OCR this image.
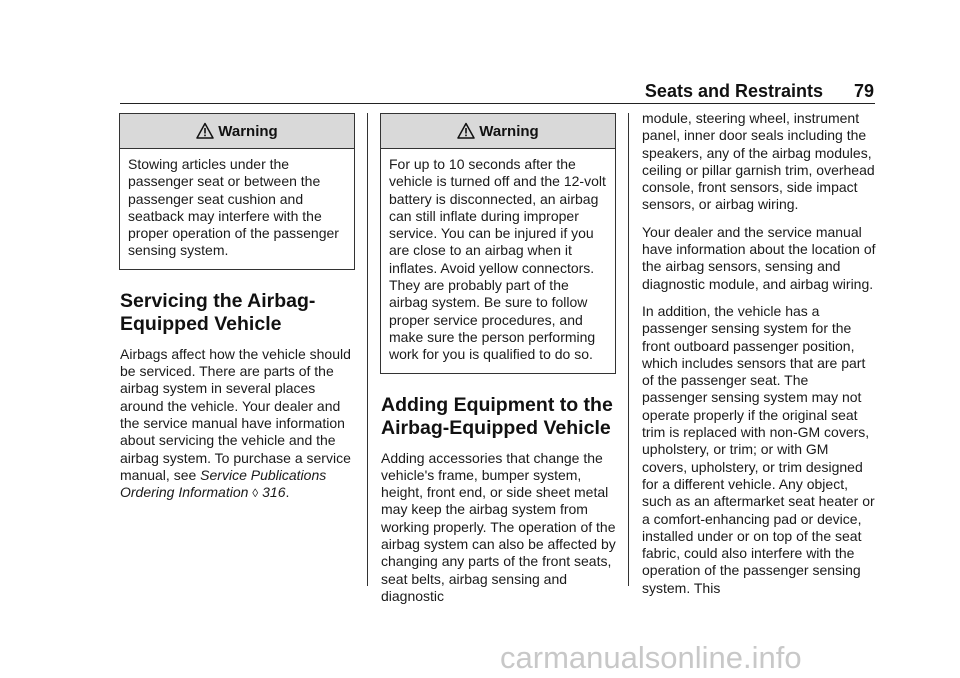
Seats and Restraints 79
Warning
Stowing articles under the passenger seat or between the passenger seat cushion and seatback may interfere with the proper operation of the passenger sensing system.
Servicing the Airbag-Equipped Vehicle

Airbags affect how the vehicle should be serviced. There are parts of the airbag system in several places around the vehicle. Your dealer and the service manual have information about servicing the vehicle and the airbag system. To purchase a service manual, see Service Publications Ordering Information ◊ 316.

Warning
For up to 10 seconds after the vehicle is turned off and the 12-volt battery is disconnected, an airbag can still inflate during improper service. You can be injured if you are close to an airbag when it inflates. Avoid yellow connectors. They are probably part of the airbag system. Be sure to follow proper service procedures, and make sure the person performing work for you is qualified to do so.
Adding Equipment to the Airbag-Equipped Vehicle

Adding accessories that change the vehicle's frame, bumper system, height, front end, or side sheet metal may keep the airbag system from working properly. The operation of the airbag system can also be affected by changing any parts of the front seats, seat belts, airbag sensing and diagnostic

module, steering wheel, instrument panel, inner door seals including the speakers, any of the airbag modules, ceiling or pillar garnish trim, overhead console, front sensors, side impact sensors, or airbag wiring.

Your dealer and the service manual have information about the location of the airbag sensors, sensing and diagnostic module, and airbag wiring.

In addition, the vehicle has a passenger sensing system for the front outboard passenger position, which includes sensors that are part of the passenger seat. The passenger sensing system may not operate properly if the original seat trim is replaced with non-GM covers, upholstery, or trim; or with GM covers, upholstery, or trim designed for a different vehicle. Any object, such as an aftermarket seat heater or a comfort-enhancing pad or device, installed under or on top of the seat fabric, could also interfere with the operation of the passenger sensing system. This

carmanualsonline.info
